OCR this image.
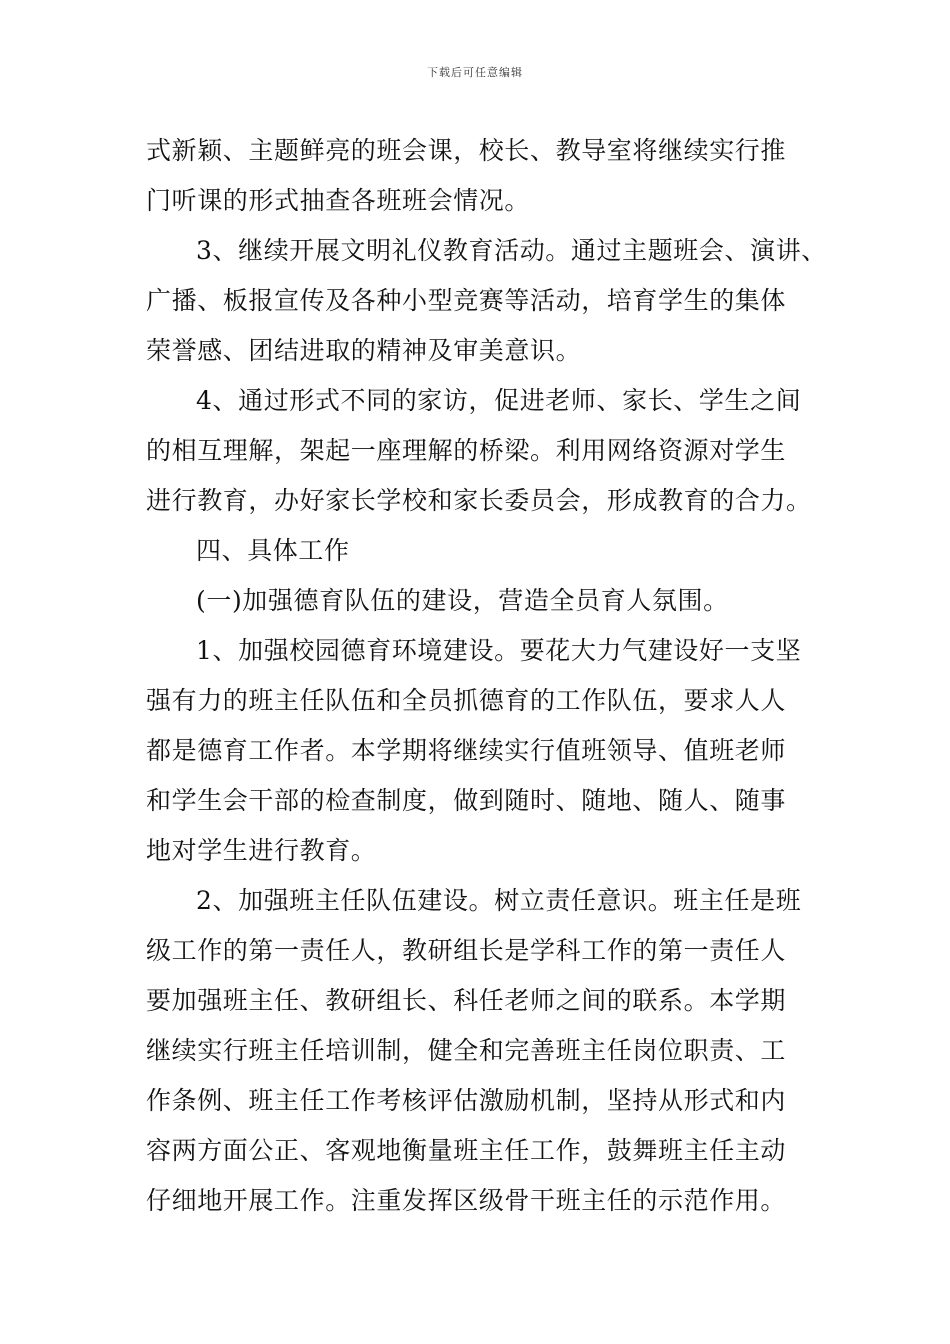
下载后可任意编辑
式新颖、主题鲜亮的班会课，校长、教导室将继续实行推
门听课的形式抽查各班班会情况。
3、继续开展文明礼仪教育活动。通过主题班会、演讲、
广播、板报宣传及各种小型竞赛等活动，培育学生的集体
荣誉感、团结进取的精神及审美意识。
4、通过形式不同的家访，促进老师、家长、学生之间
的相互理解，架起一座理解的桥梁。利用网络资源对学生
进行教育，办好家长学校和家长委员会，形成教育的合力。
四、具体工作
(一)加强德育队伍的建设，营造全员育人氛围。
1、加强校园德育环境建设。要花大力气建设好一支坚
强有力的班主任队伍和全员抓德育的工作队伍，要求人人
都是德育工作者。本学期将继续实行值班领导、值班老师
和学生会干部的检查制度，做到随时、随地、随人、随事
地对学生进行教育。
2、加强班主任队伍建设。树立责任意识。班主任是班
级工作的第一责任人，教研组长是学科工作的第一责任人
要加强班主任、教研组长、科任老师之间的联系。本学期
继续实行班主任培训制，健全和完善班主任岗位职责、工
作条例、班主任工作考核评估激励机制，坚持从形式和内
容两方面公正、客观地衡量班主任工作，鼓舞班主任主动
仔细地开展工作。注重发挥区级骨干班主任的示范作用。
